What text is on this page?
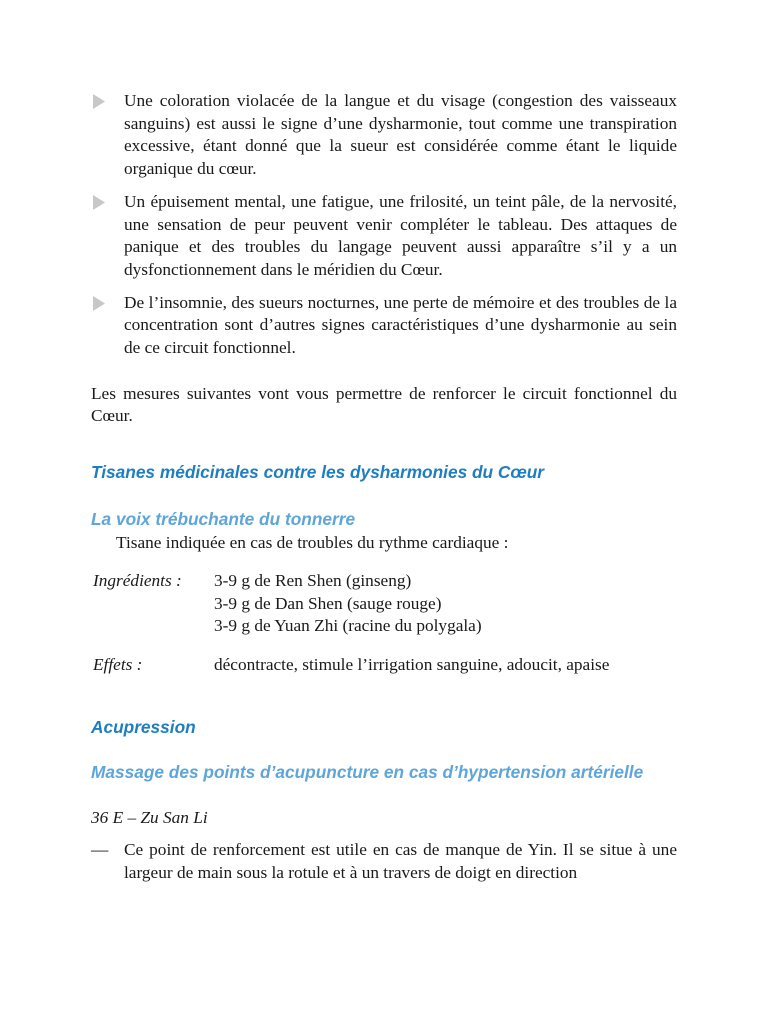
Une coloration violacée de la langue et du visage (congestion des vaisseaux sanguins) est aussi le signe d’une dysharmonie, tout comme une transpiration excessive, étant donné que la sueur est considérée comme étant le liquide organique du cœur.
Un épuisement mental, une fatigue, une frilosité, un teint pâle, de la nervosité, une sensation de peur peuvent venir compléter le tableau. Des attaques de panique et des troubles du langage peuvent aussi apparaître s’il y a un dysfonctionnement dans le méridien du Cœur.
De l’insomnie, des sueurs nocturnes, une perte de mémoire et des troubles de la concentration sont d’autres signes caractéristiques d’une dysharmonie au sein de ce circuit fonctionnel.

Les mesures suivantes vont vous permettre de renforcer le circuit fonctionnel du Cœur.

Tisanes médicinales contre les dysharmonies du Cœur
La voix trébuchante du tonnerre

Tisane indiquée en cas de troubles du rythme cardiaque :

Ingrédients :	3-9 g de Ren Shen (ginseng)
3-9 g de Dan Shen (sauge rouge)
3-9 g de Yuan Zhi (racine du polygala)
Effets :	décontracte, stimule l’irrigation sanguine, adoucit, apaise
Acupression
Massage des points d’acupuncture en cas d’hypertension artérielle

36 E – Zu San Li

— Ce point de renforcement est utile en cas de manque de Yin. Il se situe à une largeur de main sous la rotule et à un travers de doigt en direction
